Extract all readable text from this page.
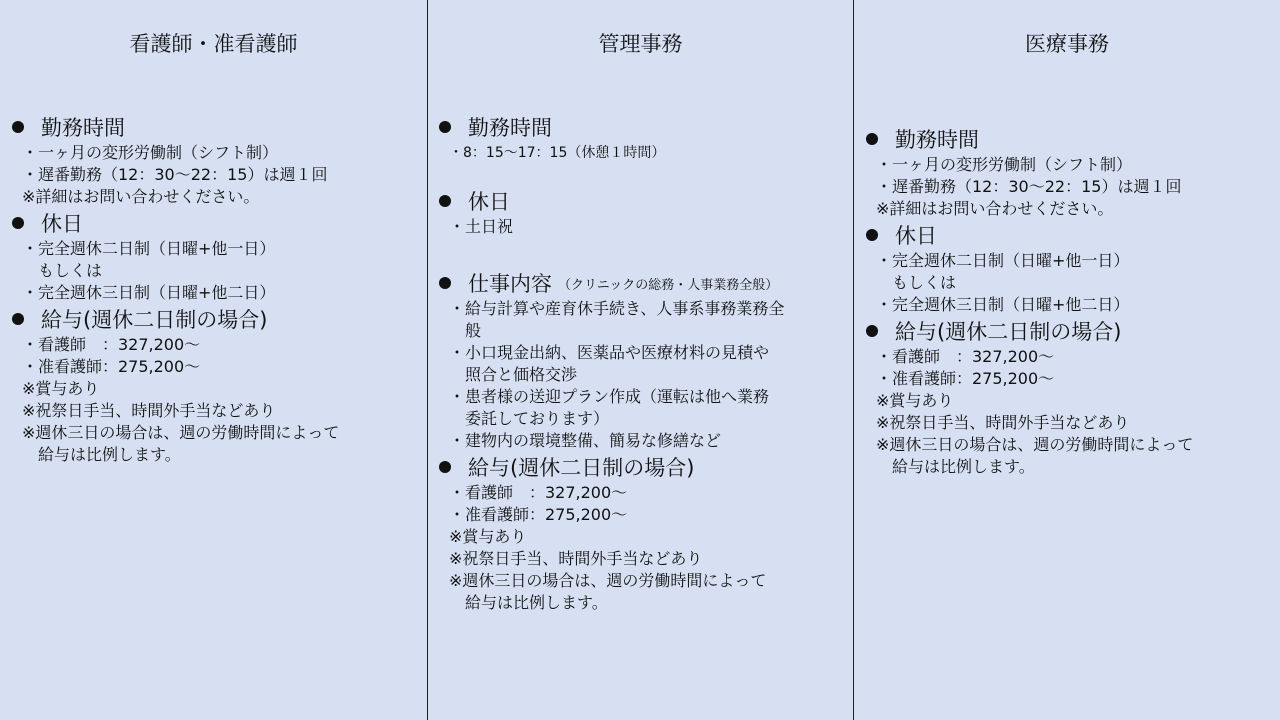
看護師・准看護師
勤務時間
・一ヶ月の変形労働制（シフト制）
・遅番勤務（12：30〜22：15）は週１回
※詳細はお問い合わせください。
休日
・完全週休二日制（日曜+他一日）
　もしくは
・完全週休三日制（日曜+他二日）
給与(週休二日制の場合)
・看護師　：327,200〜
・准看護師：275,200〜
※賞与あり
※祝祭日手当、時間外手当などあり
※週休三日の場合は、週の労働時間によって
　給与は比例します。
管理事務
勤務時間
・8：15〜17：15（休憩１時間）
休日
・土日祝
仕事内容 （クリニックの総務・人事業務全般）
・給与計算や産育休手続き、人事系事務業務全
　般
・小口現金出納、医薬品や医療材料の見積や
　照合と価格交渉
・患者様の送迎プラン作成（運転は他へ業務
　委託しております）
・建物内の環境整備、簡易な修繕など
給与(週休二日制の場合)
・看護師　：327,200〜
・准看護師：275,200〜
※賞与あり
※祝祭日手当、時間外手当などあり
※週休三日の場合は、週の労働時間によって
　給与は比例します。
医療事務
勤務時間
・一ヶ月の変形労働制（シフト制）
・遅番勤務（12：30〜22：15）は週１回
※詳細はお問い合わせください。
休日
・完全週休二日制（日曜+他一日）
　もしくは
・完全週休三日制（日曜+他二日）
給与(週休二日制の場合)
・看護師　：327,200〜
・准看護師：275,200〜
※賞与あり
※祝祭日手当、時間外手当などあり
※週休三日の場合は、週の労働時間によって
　給与は比例します。
